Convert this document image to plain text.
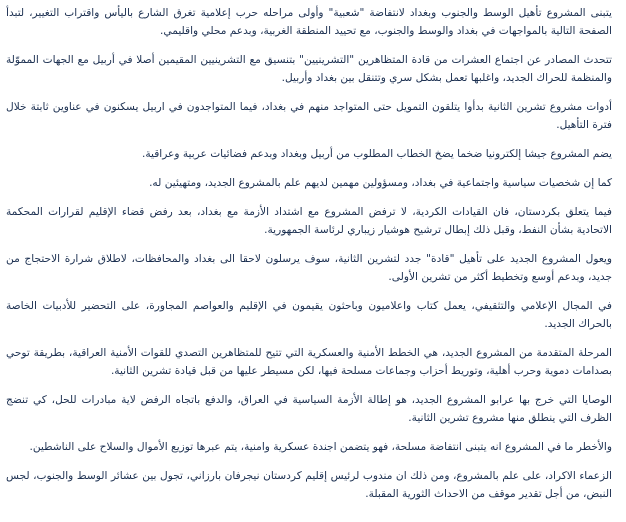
يتبنى المشروع تأهيل الوسط والجنوب وبغداد لانتفاضة "شعبية" وأولى مراحله حرب إعلامية تغرق الشارع باليأس واقتراب التغيير، لتبدأ الصفحة التالية بالمواجهات في بغداد والوسط والجنوب، مع تحييد المنطقة الغربية، وبدعم محلي واقليمي.

تتحدث المصادر عن اجتماع العشرات من قادة المتظاهرين "التشرينيين" بتنسيق مع التشرينيين المقيمين أصلا في أربيل مع الجهات المموّلة والمنظمة للحراك الجديد، واغلبها تعمل بشكل سري وتتنقل بين بغداد وأربيل.

أدوات مشروع تشرين الثانية بدأوا يتلقون التمويل حتى المتواجد منهم في بغداد، فيما المتواجدون في اربيل يسكنون في عناوين ثابتة خلال فترة التأهيل.

يضم المشروع جيشا إلكترونيا ضخما يضخ الخطاب المطلوب من أربيل وبغداد وبدعم فضائيات عربية وعراقية.

كما إن شخصيات سياسية واجتماعية في بغداد، ومسؤولين مهمين لديهم علم بالمشروع الجديد، ومتهيئين له.

فيما يتعلق بكردستان، فان القيادات الكردية، لا ترفض المشروع مع اشتداد الأزمة مع بغداد، بعد رفض قضاء الإقليم لقرارات المحكمة الاتحادية بشأن النفط، وقبل ذلك إبطال ترشيح هوشيار زيباري لرئاسة الجمهورية.

ويعول المشروع الجديد على تأهيل "قادة" جدد لتشرين الثانية، سوف يرسلون لاحقا الى بغداد والمحافظات، لاطلاق شرارة الاحتجاج من جديد، وبدعم أوسع وتخطيط أكثر من تشرين الأولى.

في المجال الإعلامي والتثقيفي، يعمل كتاب واعلاميون وباحثون يقيمون في الإقليم والعواصم المجاورة، على التحضير للأدبيات الخاصة بالحراك الجديد.

المرحلة المتقدمة من المشروع الجديد، هي الخطط الأمنية والعسكرية التي تتيح للمتظاهرين التصدي للقوات الأمنية العراقية، بطريقة توحي بصدامات دموية وحرب أهلية، وتوريط أحزاب وجماعات مسلحة فيها، لكن مسيطر عليها من قبل قيادة تشرين الثانية.

الوصايا التي خرج بها عرابو المشروع الجديد، هو إطالة الأزمة السياسية في العراق، والدفع باتجاه الرفض لاية مبادرات للحل، كي تنضج الظرف التي ينطلق منها مشروع تشرين الثانية.

والأخطر ما في المشروع انه يتبنى انتفاضة مسلحة، فهو يتضمن اجندة عسكرية وامنية، يتم عبرها توزيع الأموال والسلاح على الناشطين.

الزعماء الاكراد، على علم بالمشروع، ومن ذلك ان مندوب لرئيس إقليم كردستان نيجرفان بارزاني، تجول بين عشائر الوسط والجنوب، لجس النبض، من أجل تقدير موقف من الاحداث الثورية المقبلة.
